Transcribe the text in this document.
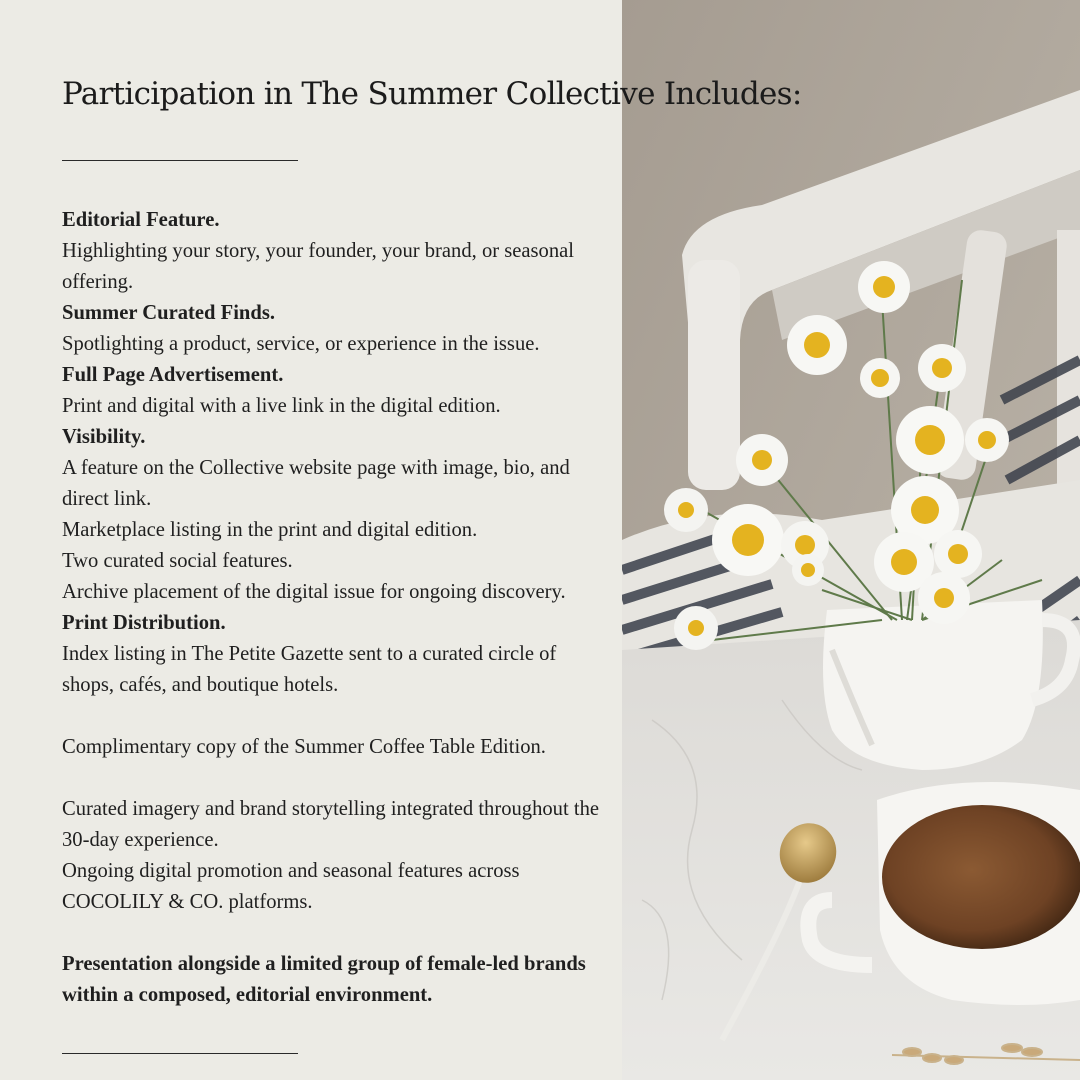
Participation in The Summer Collective Includes:

Editorial Feature.

Highlighting your story, your founder, your brand, or seasonal offering.

Summer Curated Finds.

Spotlighting a product, service, or experience in the issue.

Full Page Advertisement.

Print and digital with a live link in the digital edition.

Visibility.

A feature on the Collective website page with image, bio, and direct link.

Marketplace listing in the print and digital edition.

Two curated social features.

Archive placement of the digital issue for ongoing discovery.

Print Distribution.

Index listing in The Petite Gazette sent to a curated circle of shops, cafés, and boutique hotels.

Complimentary copy of the Summer Coffee Table Edition.

Curated imagery and brand storytelling integrated throughout the 30-day experience.

Ongoing digital promotion and seasonal features across COCOLILY & CO. platforms.

Presentation alongside a limited group of female-led brands within a composed, editorial environment.
